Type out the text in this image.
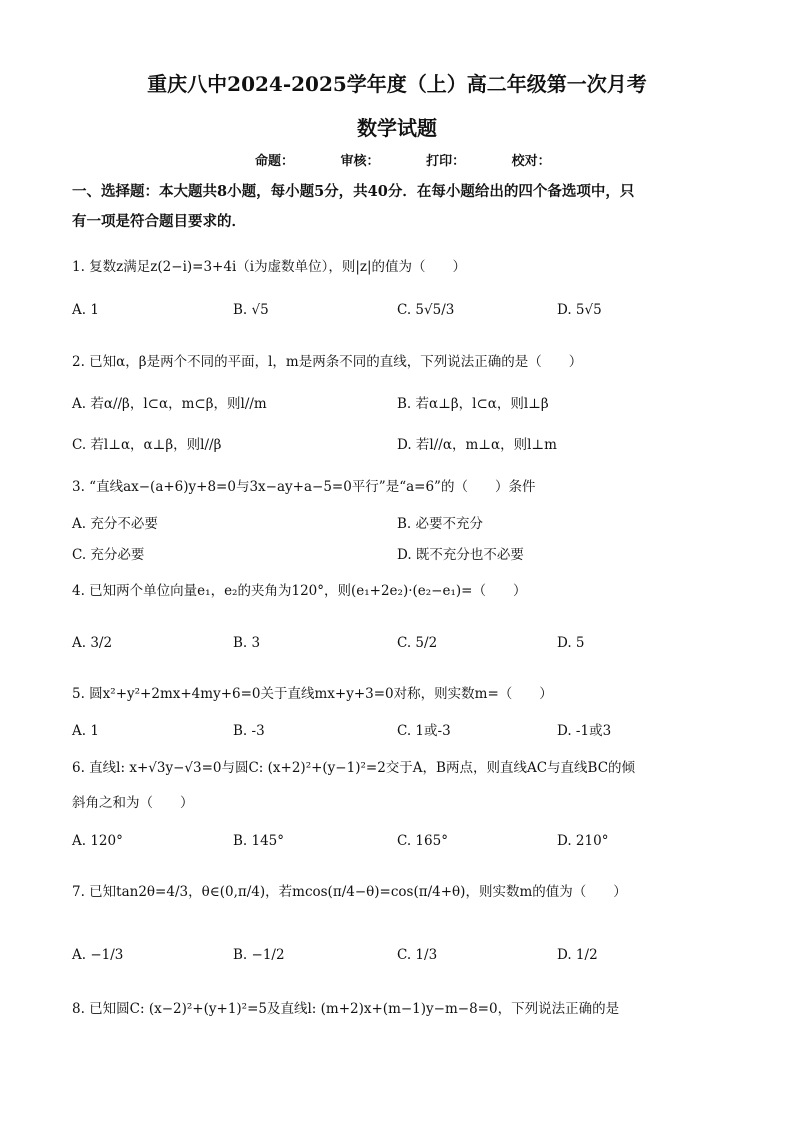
重庆八中2024-2025学年度（上）高二年级第一次月考
数学试题
命题：	审核：	打印：	校对：
一、选择题：本大题共8小题，每小题5分，共40分．在每小题给出的四个备选项中，只
有一项是符合题目要求的．
1. 复数z满足z(2−i)=3+4i（i为虚数单位），则|z|的值为（　　）
A. 1	B. √5	C. 5√5/3	D. 5√5
2. 已知α，β是两个不同的平面，l，m是两条不同的直线，下列说法正确的是（　　）
A. 若α//β，l⊂α，m⊂β，则l//m	B. 若α⊥β，l⊂α，则l⊥β
C. 若l⊥α，α⊥β，则l//β	D. 若l//α，m⊥α，则l⊥m
3. “直线ax−(a+6)y+8=0与3x−ay+a−5=0平行”是“a=6”的（　　）条件
A. 充分不必要	B. 必要不充分
C. 充分必要	D. 既不充分也不必要
4. 已知两个单位向量e₁，e₂的夹角为120°，则(e₁+2e₂)·(e₂−e₁)=（　　）
A. 3/2	B. 3	C. 5/2	D. 5
5. 圆x²+y²+2mx+4my+6=0关于直线mx+y+3=0对称，则实数m=（　　）
A. 1	B. -3	C. 1或-3	D. -1或3
6. 直线l: x+√3y−√3=0与圆C: (x+2)²+(y−1)²=2交于A，B两点，则直线AC与直线BC的倾
斜角之和为（　　）
A. 120°	B. 145°	C. 165°	D. 210°
7. 已知tan2θ=4/3，θ∈(0,π/4)，若mcos(π/4−θ)=cos(π/4+θ)，则实数m的值为（　　）
A. −1/3	B. −1/2	C. 1/3	D. 1/2
8. 已知圆C: (x−2)²+(y+1)²=5及直线l: (m+2)x+(m−1)y−m−8=0，下列说法正确的是
